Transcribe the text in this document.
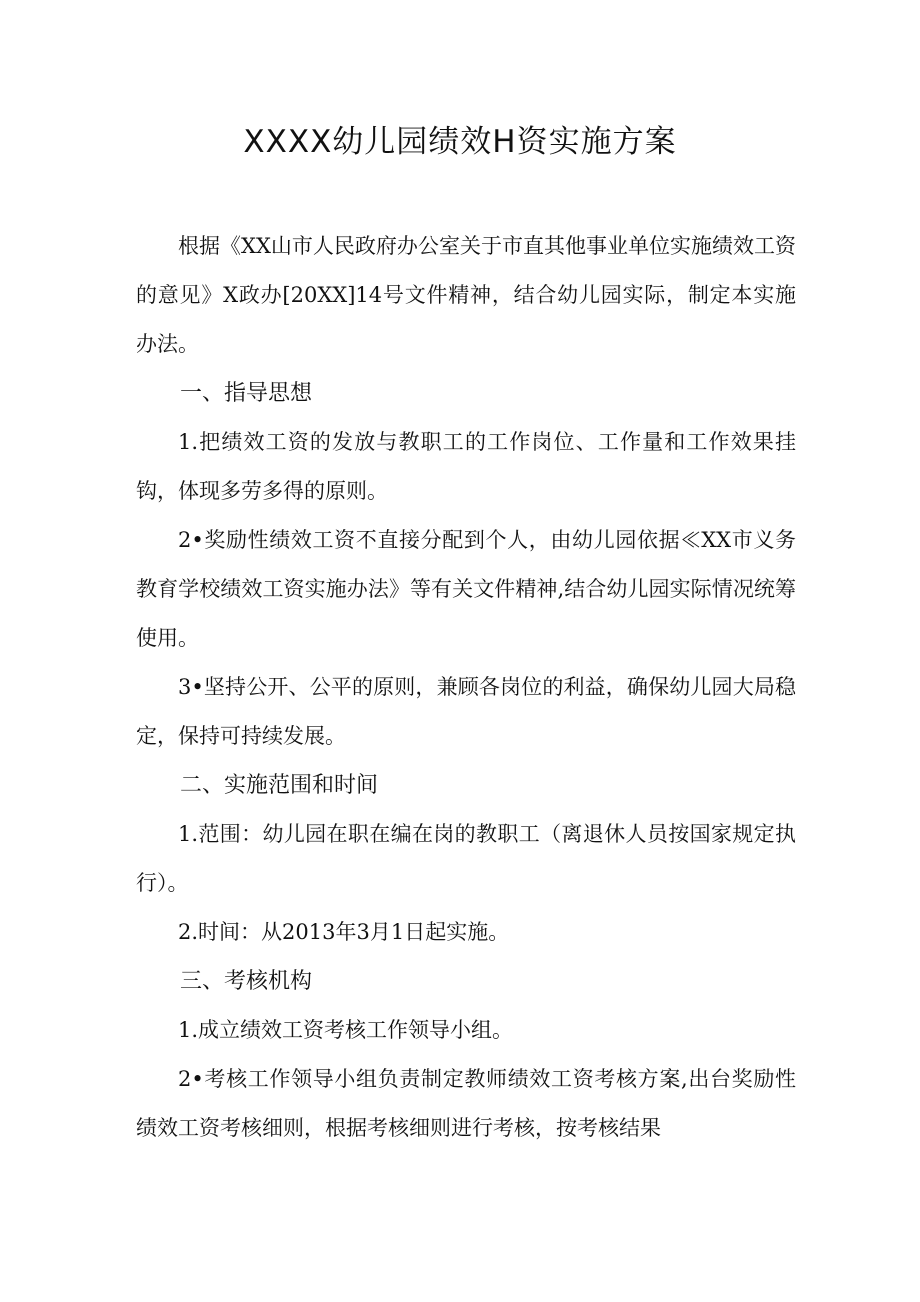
XXXX幼儿园绩效H资实施方案

根据《XX山市人民政府办公室关于市直其他事业单位实施绩效工资的意见》X政办[20XX]14号文件精神，结合幼儿园实际，制定本实施办法。

一、指导思想

1.把绩效工资的发放与教职工的工作岗位、工作量和工作效果挂钩，体现多劳多得的原则。

2•奖励性绩效工资不直接分配到个人，由幼儿园依据≪XX市义务教育学校绩效工资实施办法》等有关文件精神,结合幼儿园实际情况统筹使用。

3•坚持公开、公平的原则，兼顾各岗位的利益，确保幼儿园大局稳定，保持可持续发展。

二、实施范围和时间

1.范围：幼儿园在职在编在岗的教职工（离退休人员按国家规定执行）。

2.时间：从2013年3月1日起实施。

三、考核机构

1.成立绩效工资考核工作领导小组。

2•考核工作领导小组负责制定教师绩效工资考核方案,出台奖励性绩效工资考核细则，根据考核细则进行考核，按考核结果
